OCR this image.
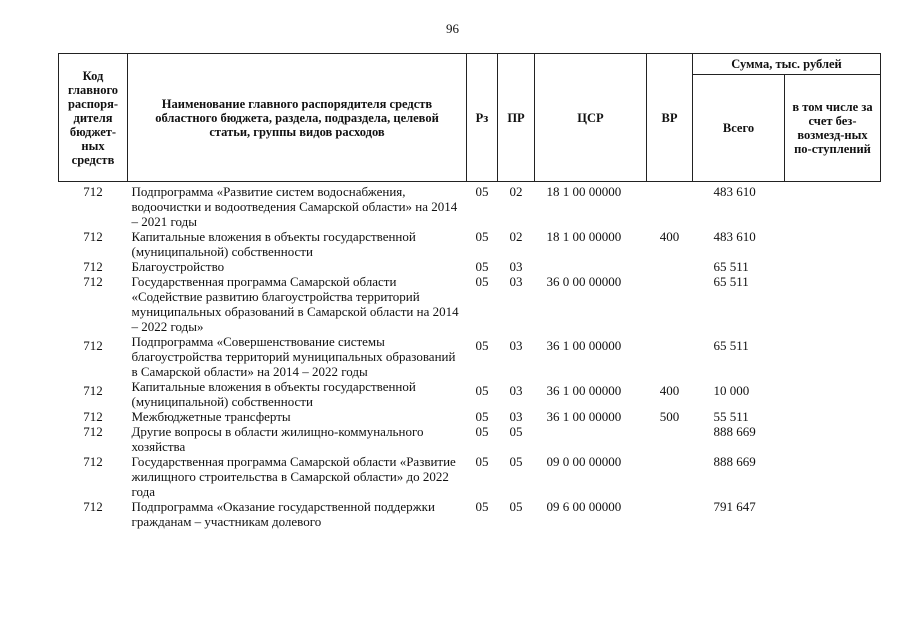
96
Код главного распоря-дителя бюджет-ных средств	Наименование главного распорядителя средств областного бюджета, раздела, подраздела, целевой статьи, группы видов расходов	Рз	ПР	ЦСР	ВР	Сумма, тыс. рублей	
						Всего	в том числе за счет без-возмезд-ных по-ступлений
712	Подпрограмма «Развитие систем водоснабжения, водоочистки и водоотведения Самарской области» на 2014 – 2021 годы	05	02	18 1 00 00000		483 610	
712	Капитальные вложения в объекты государственной (муниципальной) собственности	05	02	18 1 00 00000	400	483 610	
712	Благоустройство	05	03			65 511	
712	Государственная программа Самарской области «Содействие развитию благоустройства территорий муниципальных образований в Самарской области на 2014 – 2022 годы»	05	03	36 0 00 00000		65 511	
712	Подпрограмма «Совершенствование системы благоустройства территорий муниципальных образований в Самарской области» на 2014 – 2022 годы	05	03	36 1 00 00000		65 511	
712	Капитальные вложения в объекты государственной (муниципальной) собственности	05	03	36 1 00 00000	400	10 000	
712	Межбюджетные трансферты	05	03	36 1 00 00000	500	55 511	
712	Другие вопросы в области жилищно-коммунального хозяйства	05	05			888 669	
712	Государственная программа Самарской области «Развитие жилищного строительства в Самарской области» до 2022 года	05	05	09 0 00 00000		888 669	
712	Подпрограмма «Оказание государственной поддержки гражданам – участникам долевого	05	05	09 6 00 00000		791 647	
